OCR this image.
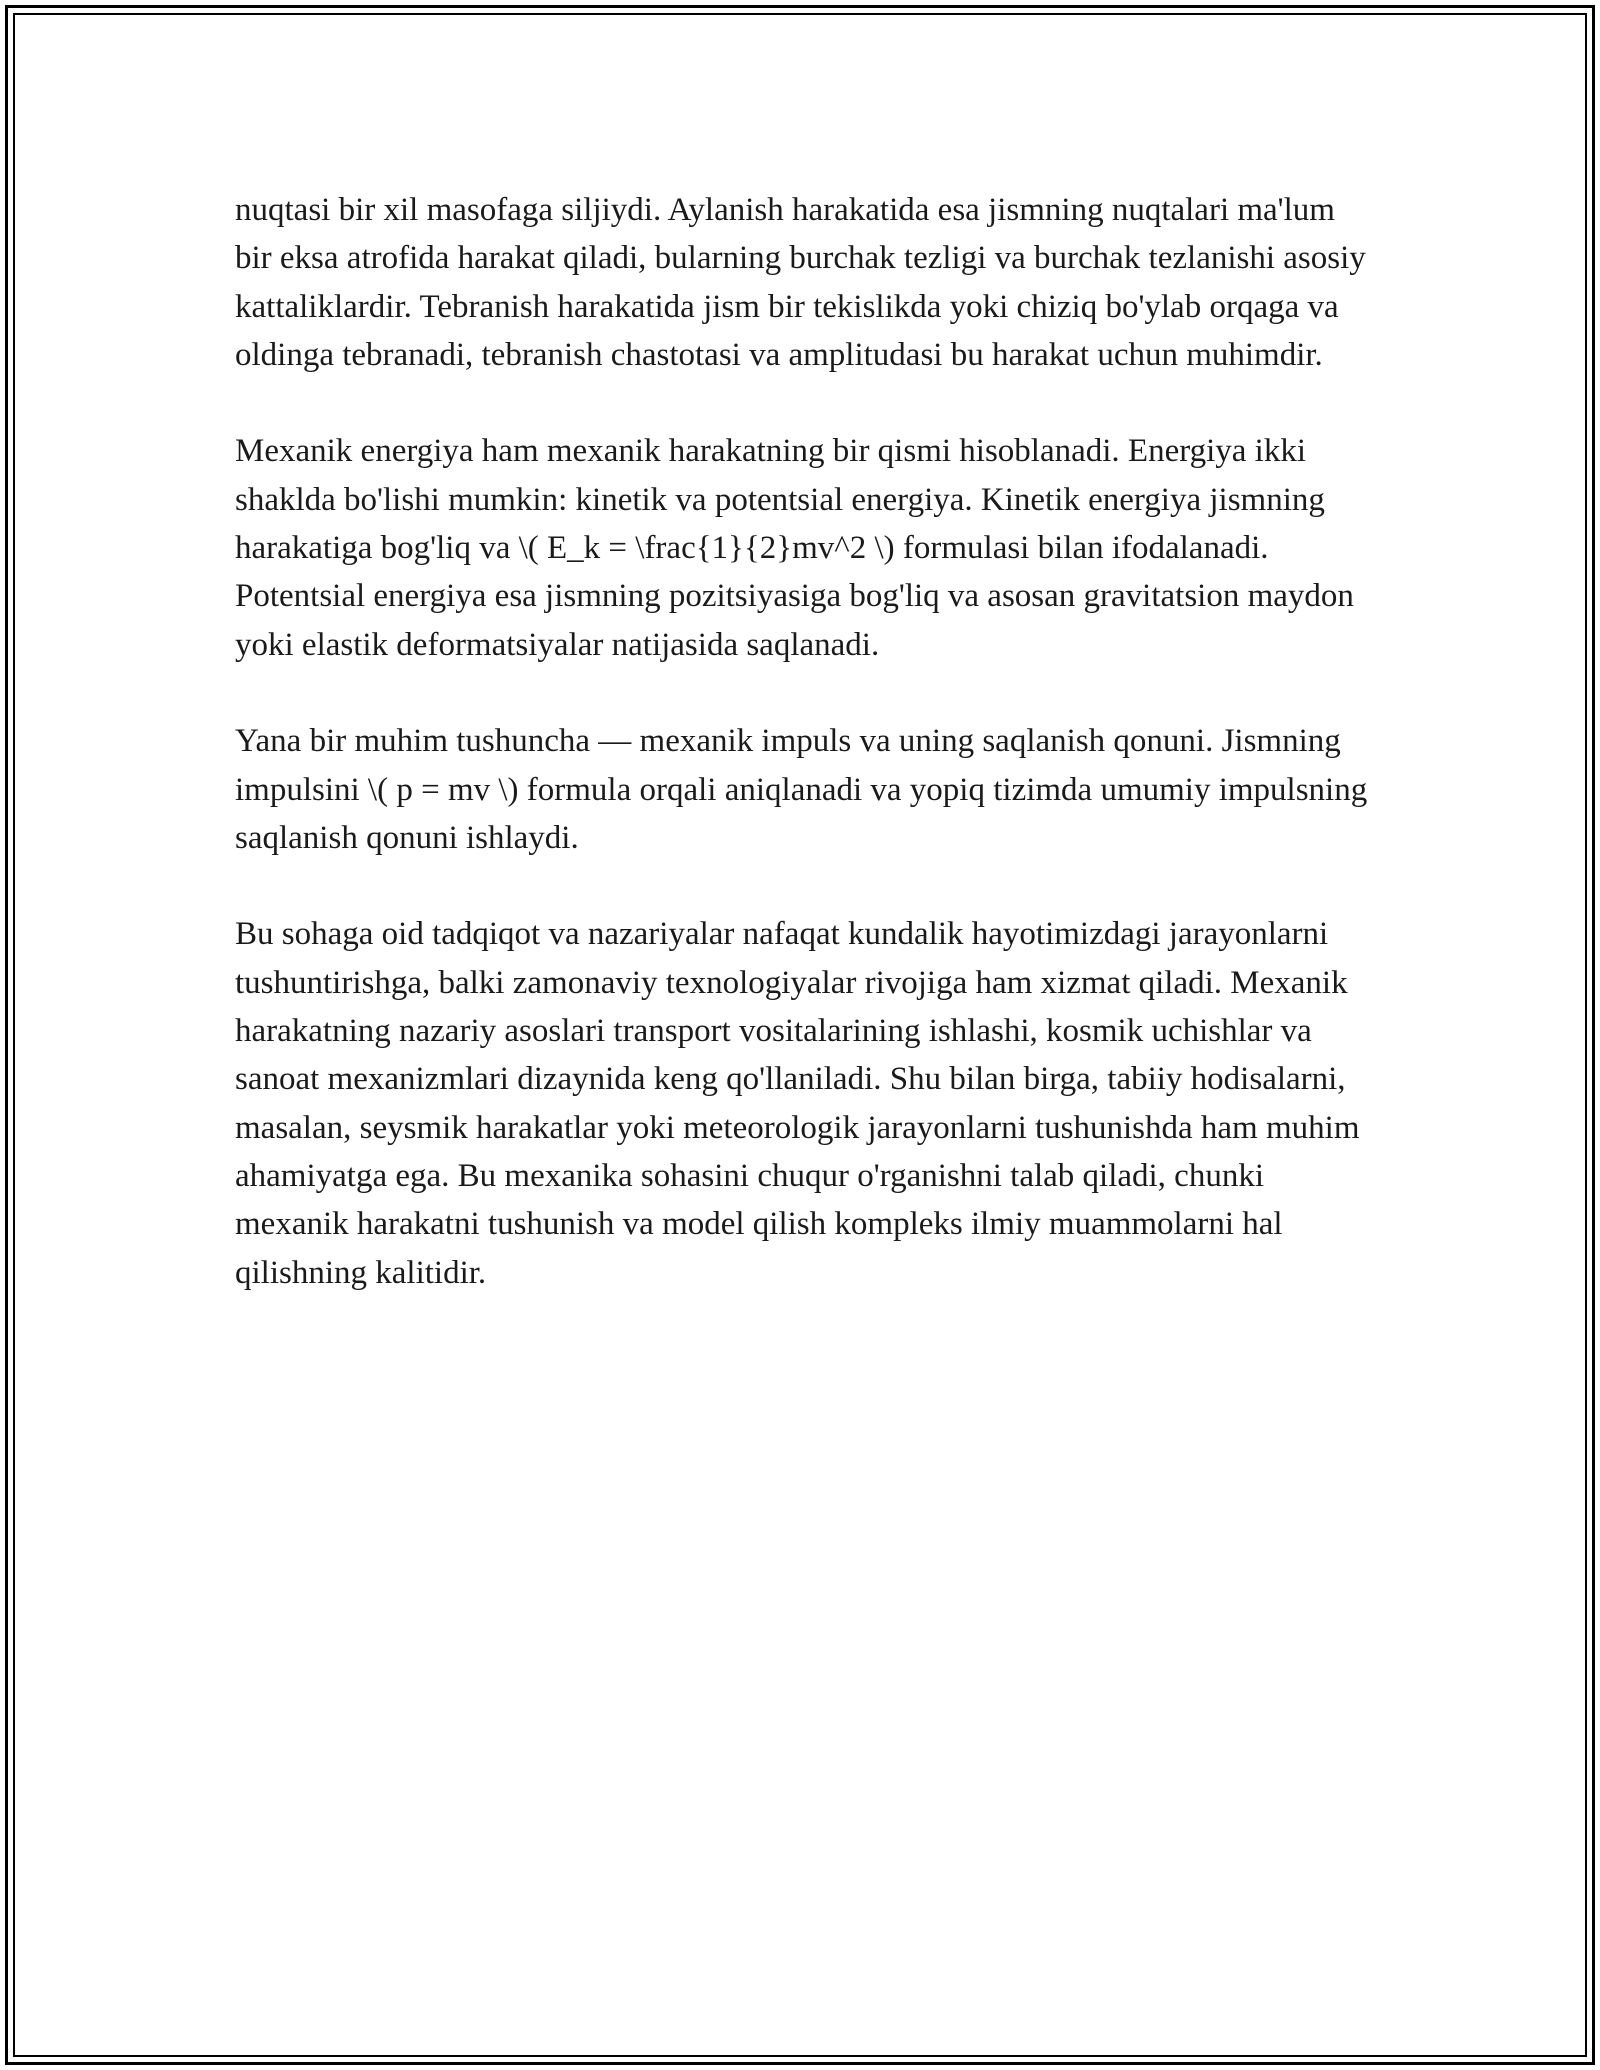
nuqtasi bir xil masofaga siljiydi. Aylanish harakatida esa jismning nuqtalari ma'lum bir eksa atrofida harakat qiladi, bularning burchak tezligi va burchak tezlanishi asosiy kattaliklardir. Tebranish harakatida jism bir tekislikda yoki chiziq bo'ylab orqaga va oldinga tebranadi, tebranish chastotasi va amplitudasi bu harakat uchun muhimdir.

Mexanik energiya ham mexanik harakatning bir qismi hisoblanadi. Energiya ikki shaklda bo'lishi mumkin: kinetik va potentsial energiya. Kinetik energiya jismning harakatiga bog'liq va \( E_k = \frac{1}{2}mv^2 \) formulasi bilan ifodalanadi. Potentsial energiya esa jismning pozitsiyasiga bog'liq va asosan gravitatsion maydon yoki elastik deformatsiyalar natijasida saqlanadi.

Yana bir muhim tushuncha — mexanik impuls va uning saqlanish qonuni. Jismning impulsini \( p = mv \) formula orqali aniqlanadi va yopiq tizimda umumiy impulsning saqlanish qonuni ishlaydi.

Bu sohaga oid tadqiqot va nazariyalar nafaqat kundalik hayotimizdagi jarayonlarni tushuntirishga, balki zamonaviy texnologiyalar rivojiga ham xizmat qiladi. Mexanik harakatning nazariy asoslari transport vositalarining ishlashi, kosmik uchishlar va sanoat mexanizmlari dizaynida keng qo'llaniladi. Shu bilan birga, tabiiy hodisalarni, masalan, seysmik harakatlar yoki meteorologik jarayonlarni tushunishda ham muhim ahamiyatga ega. Bu mexanika sohasini chuqur o'rganishni talab qiladi, chunki mexanik harakatni tushunish va model qilish kompleks ilmiy muammolarni hal qilishning kalitidir.
